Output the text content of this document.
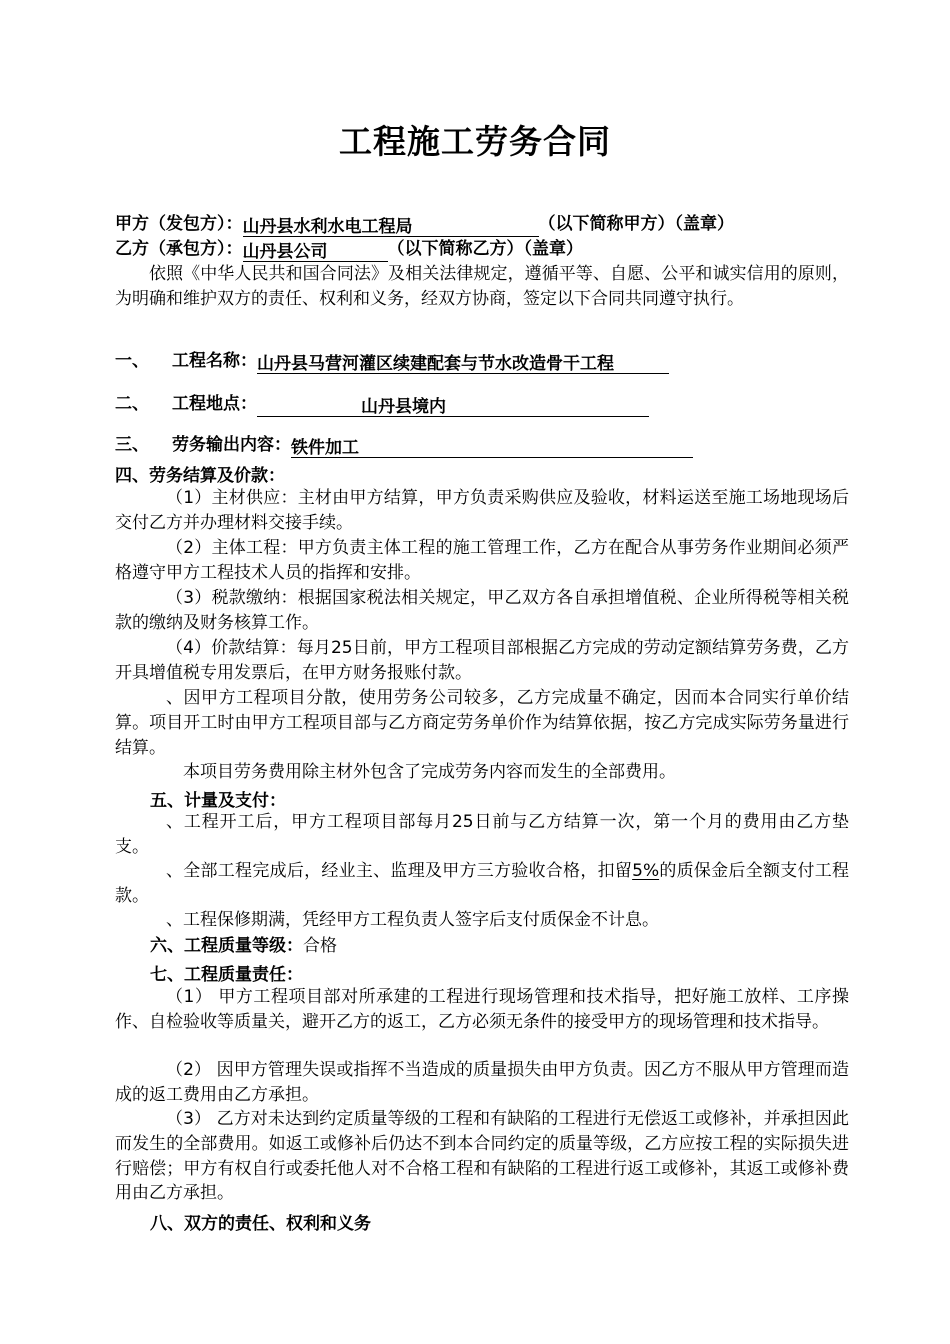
工程施工劳务合同
甲方（发包方）：山丹县水利水电工程局	（以下简称甲方）（盖章）
乙方（承包方）：山丹县公司	（以下简称乙方）（盖章）
依照《中华人民共和国合同法》及相关法律规定，遵循平等、自愿、公平和诚实信用的原则，为明确和维护双方的责任、权利和义务，经双方协商，签定以下合同共同遵守执行。
一、 工程名称：山丹县马营河灌区续建配套与节水改造骨干工程
二、 工程地点：	山丹县境内
三、 劳务输出内容：铁件加工
四、劳务结算及价款：
（1）主材供应：主材由甲方结算，甲方负责采购供应及验收，材料运送至施工场地现场后交付乙方并办理材料交接手续。
（2）主体工程：甲方负责主体工程的施工管理工作，乙方在配合从事劳务作业期间必须严格遵守甲方工程技术人员的指挥和安排。
（3）税款缴纳：根据国家税法相关规定，甲乙双方各自承担增值税、企业所得税等相关税款的缴纳及财务核算工作。
（4）价款结算：每月25日前，甲方工程项目部根据乙方完成的劳动定额结算劳务费，乙方开具增值税专用发票后，在甲方财务报账付款。
、因甲方工程项目分散，使用劳务公司较多，乙方完成量不确定，因而本合同实行单价结算。项目开工时由甲方工程项目部与乙方商定劳务单价作为结算依据，按乙方完成实际劳务量进行结算。
本项目劳务费用除主材外包含了完成劳务内容而发生的全部费用。
五、计量及支付：
、工程开工后，甲方工程项目部每月25日前与乙方结算一次，第一个月的费用由乙方垫支。
、全部工程完成后，经业主、监理及甲方三方验收合格，扣留5%的质保金后全额支付工程款。
、工程保修期满，凭经甲方工程负责人签字后支付质保金不计息。
六、工程质量等级：合格
七、工程质量责任：
（1） 甲方工程项目部对所承建的工程进行现场管理和技术指导，把好施工放样、工序操作、自检验收等质量关，避开乙方的返工，乙方必须无条件的接受甲方的现场管理和技术指导。
（2） 因甲方管理失误或指挥不当造成的质量损失由甲方负责。因乙方不服从甲方管理而造成的返工费用由乙方承担。
（3） 乙方对未达到约定质量等级的工程和有缺陷的工程进行无偿返工或修补，并承担因此而发生的全部费用。如返工或修补后仍达不到本合同约定的质量等级，乙方应按工程的实际损失进行赔偿；甲方有权自行或委托他人对不合格工程和有缺陷的工程进行返工或修补，其返工或修补费用由乙方承担。
八、双方的责任、权利和义务
